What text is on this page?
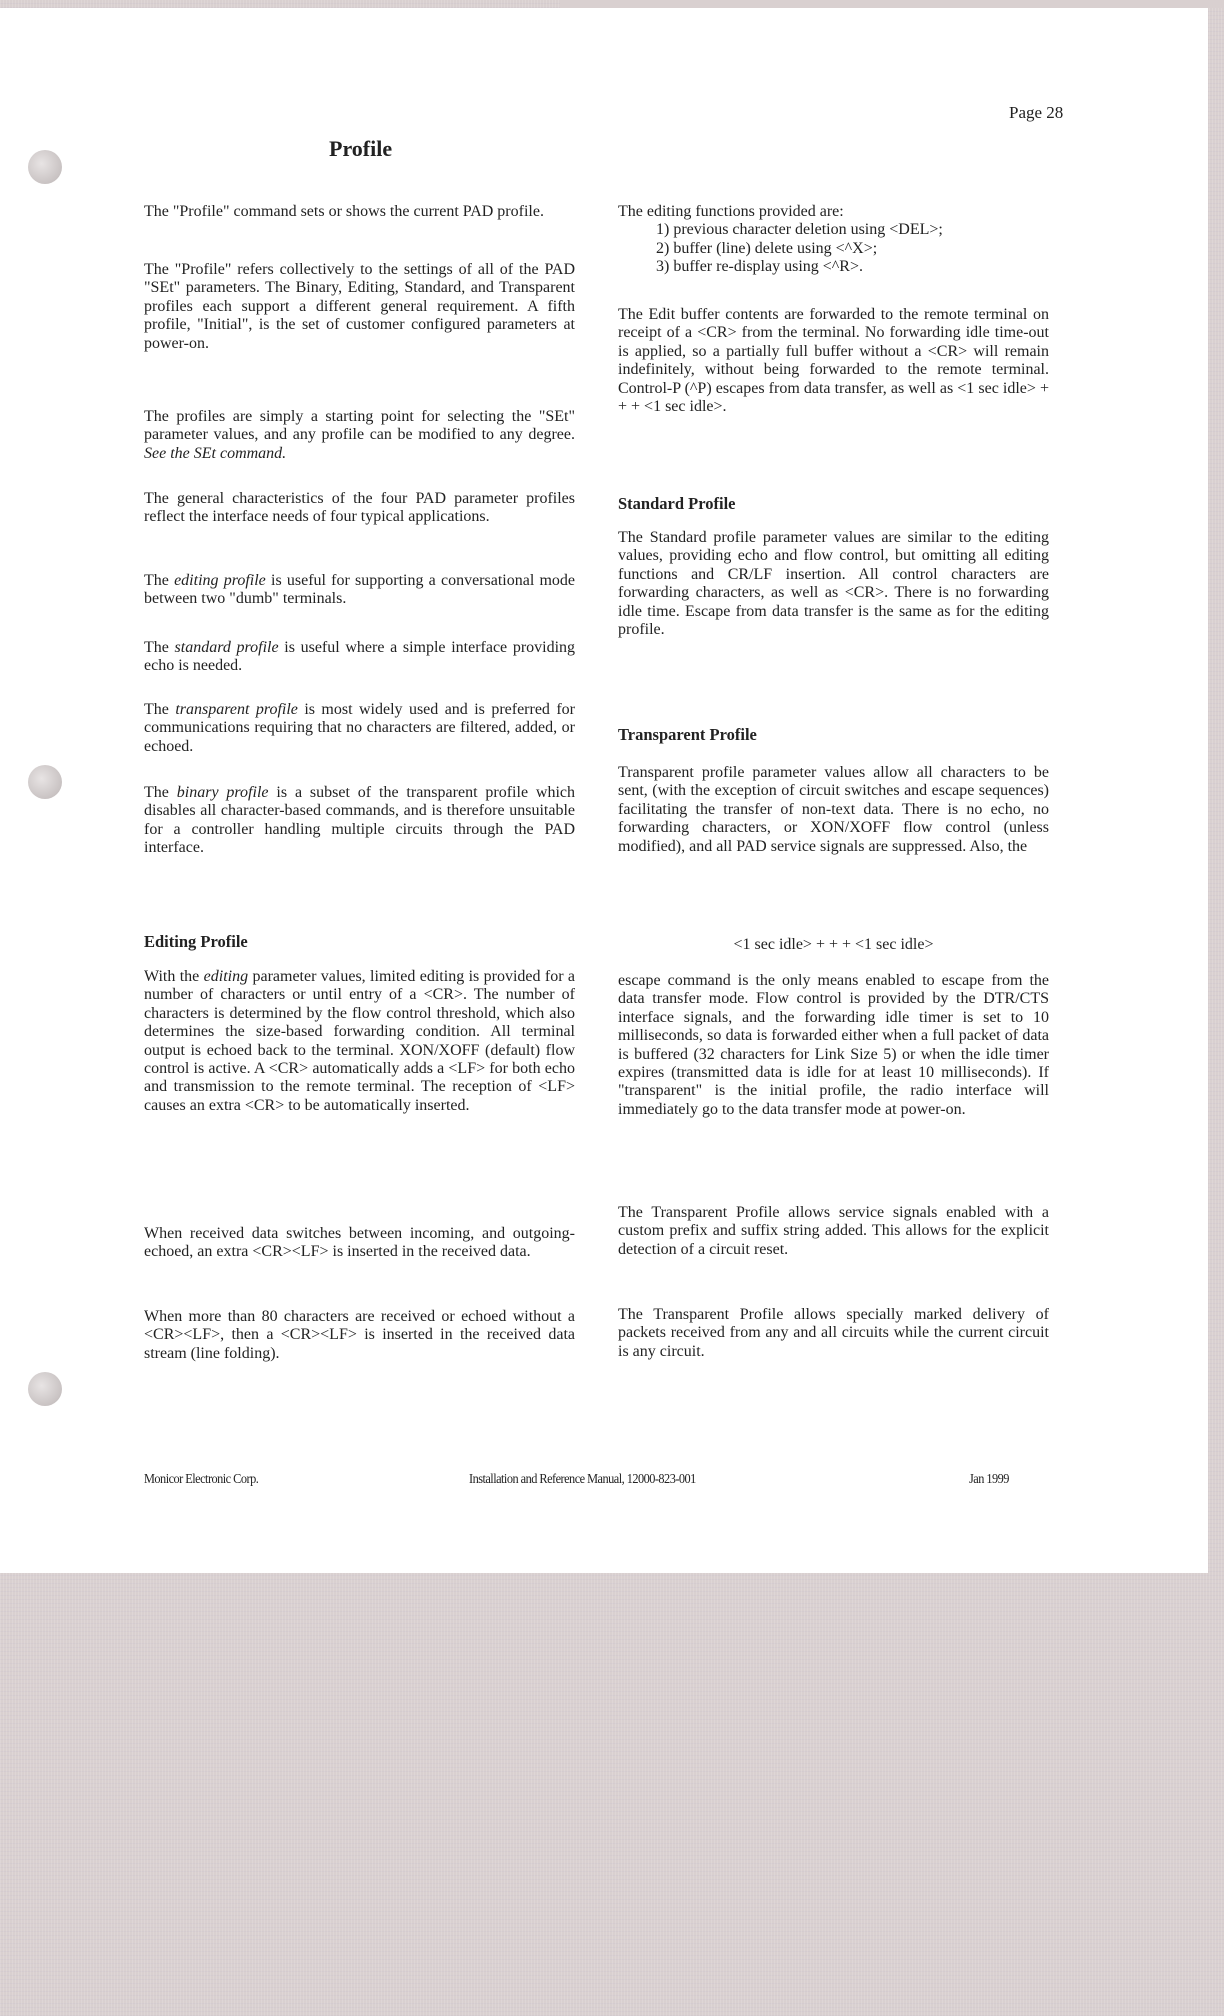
Page 28
Profile

The "Profile" command sets or shows the current PAD profile.

The "Profile" refers collectively to the settings of all of the PAD "SEt" parameters. The Binary, Editing, Standard, and Transparent profiles each support a different general requirement. A fifth profile, "Initial", is the set of customer configured parameters at power-on.

The profiles are simply a starting point for selecting the "SEt" parameter values, and any profile can be modified to any degree. See the SEt command.

The general characteristics of the four PAD parameter profiles reflect the interface needs of four typical applications.

The editing profile is useful for supporting a conversational mode between two "dumb" terminals.

The standard profile is useful where a simple interface providing echo is needed.

The transparent profile is most widely used and is preferred for communications requiring that no characters are filtered, added, or echoed.

The binary profile is a subset of the transparent profile which disables all character-based commands, and is therefore unsuitable for a controller handling multiple circuits through the PAD interface.

Editing Profile

With the editing parameter values, limited editing is provided for a number of characters or until entry of a <CR>. The number of characters is determined by the flow control threshold, which also determines the size-based forwarding condition. All terminal output is echoed back to the terminal. XON/XOFF (default) flow control is active. A <CR> automatically adds a <LF> for both echo and transmission to the remote terminal. The reception of <LF> causes an extra <CR> to be automatically inserted.

When received data switches between incoming, and outgoing-echoed, an extra <CR><LF> is inserted in the received data.

When more than 80 characters are received or echoed without a <CR><LF>, then a <CR><LF> is inserted in the received data stream (line folding).

The editing functions provided are:
1) previous character deletion using <DEL>;
2) buffer (line) delete using <^X>;
3) buffer re-display using <^R>.

The Edit buffer contents are forwarded to the remote terminal on receipt of a <CR> from the terminal. No forwarding idle time-out is applied, so a partially full buffer without a <CR> will remain indefinitely, without being forwarded to the remote terminal. Control-P (^P) escapes from data transfer, as well as <1 sec idle> + + + <1 sec idle>.

Standard Profile

The Standard profile parameter values are similar to the editing values, providing echo and flow control, but omitting all editing functions and CR/LF insertion. All control characters are forwarding characters, as well as <CR>. There is no forwarding idle time. Escape from data transfer is the same as for the editing profile.

Transparent Profile

Transparent profile parameter values allow all characters to be sent, (with the exception of circuit switches and escape sequences) facilitating the transfer of non-text data. There is no echo, no forwarding characters, or XON/XOFF flow control (unless modified), and all PAD service signals are suppressed. Also, the

<1 sec idle> + + + <1 sec idle>

escape command is the only means enabled to escape from the data transfer mode. Flow control is provided by the DTR/CTS interface signals, and the forwarding idle timer is set to 10 milliseconds, so data is forwarded either when a full packet of data is buffered (32 characters for Link Size 5) or when the idle timer expires (transmitted data is idle for at least 10 milliseconds). If "transparent" is the initial profile, the radio interface will immediately go to the data transfer mode at power-on.

The Transparent Profile allows service signals enabled with a custom prefix and suffix string added. This allows for the explicit detection of a circuit reset.

The Transparent Profile allows specially marked delivery of packets received from any and all circuits while the current circuit is any circuit.

Monicor Electronic Corp.	Installation and Reference Manual, 12000-823-001	Jan 1999
